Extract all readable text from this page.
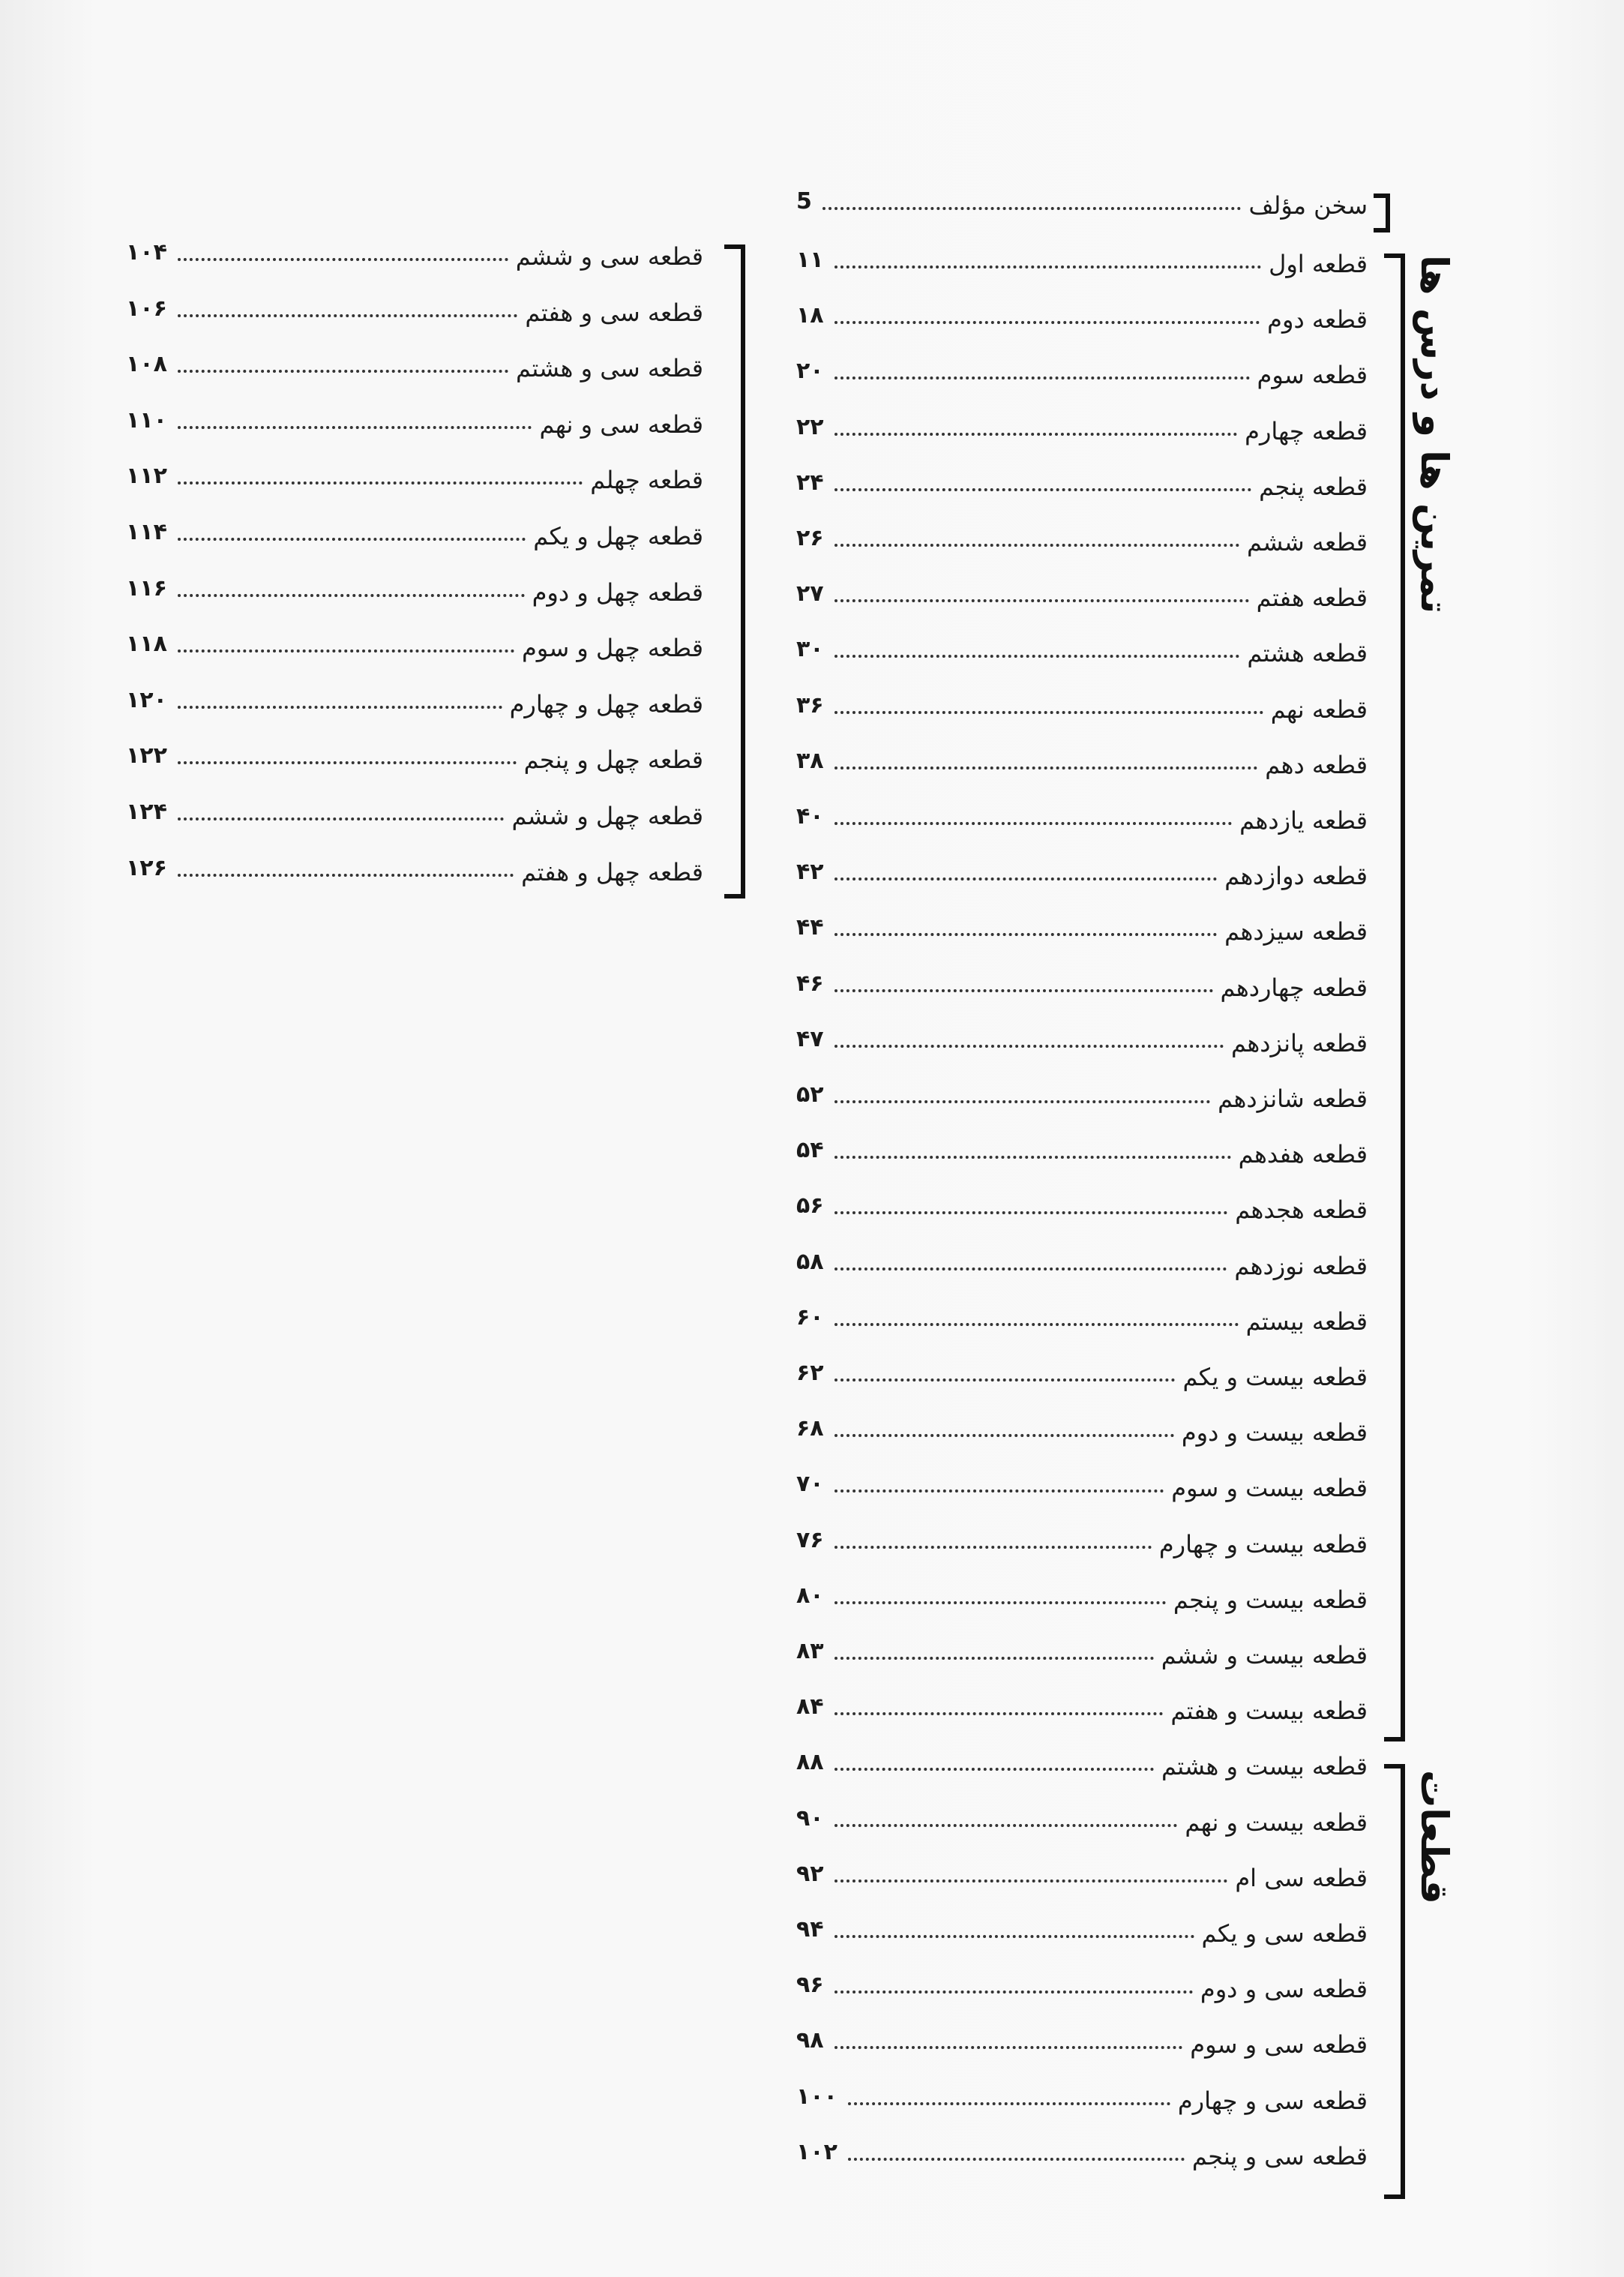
5	سخن مؤلف
۱۱	قطعه اول
۱۸	قطعه دوم
۲۰	قطعه سوم
۲۲	قطعه چهارم
۲۴	قطعه پنجم
۲۶	قطعه ششم
۲۷	قطعه هفتم
۳۰	قطعه هشتم
۳۶	قطعه نهم
۳۸	قطعه دهم
۴۰	قطعه یازدهم
۴۲	قطعه دوازدهم
۴۴	قطعه سیزدهم
۴۶	قطعه چهاردهم
۴۷	قطعه پانزدهم
۵۲	قطعه شانزدهم
۵۴	قطعه هفدهم
۵۶	قطعه هجدهم
۵۸	قطعه نوزدهم
۶۰	قطعه بیستم
۶۲	قطعه بیست و یکم
۶۸	قطعه بیست و دوم
۷۰	قطعه بیست و سوم
۷۶	قطعه بیست و چهارم
۸۰	قطعه بیست و پنجم
۸۳	قطعه بیست و ششم
۸۴	قطعه بیست و هفتم
۸۸	قطعه بیست و هشتم
۹۰	قطعه بیست و نهم
۹۲	قطعه سی ام
۹۴	قطعه سی و یکم
۹۶	قطعه سی و دوم
۹۸	قطعه سی و سوم
۱۰۰	قطعه سی و چهارم
۱۰۲	قطعه سی و پنجم
۱۰۴	قطعه سی و ششم
۱۰۶	قطعه سی و هفتم
۱۰۸	قطعه سی و هشتم
۱۱۰	قطعه سی و نهم
۱۱۲	قطعه چهلم
۱۱۴	قطعه چهل و یکم
۱۱۶	قطعه چهل و دوم
۱۱۸	قطعه چهل و سوم
۱۲۰	قطعه چهل و چهارم
۱۲۲	قطعه چهل و پنجم
۱۲۴	قطعه چهل و ششم
۱۲۶	قطعه چهل و هفتم
تمرین ها و درس ها
قطعات
